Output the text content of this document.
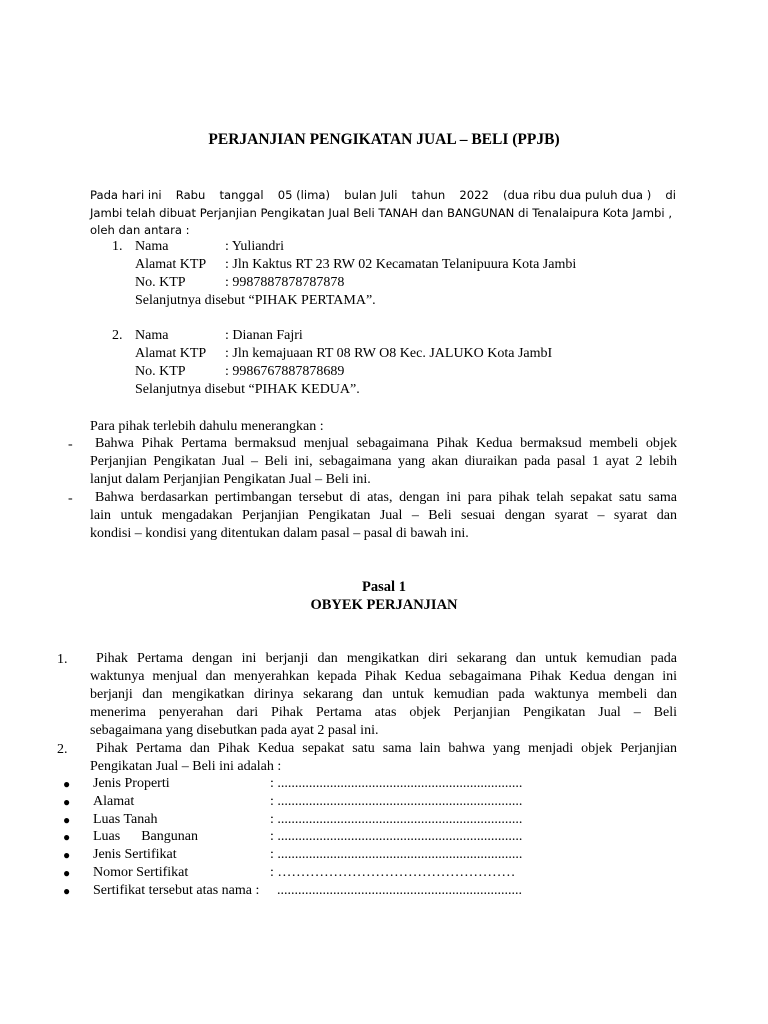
PERJANJIAN PENGIKATAN JUAL – BELI (PPJB)
Pada hari ini Rabu tanggal 05 (lima) bulan Juli tahun 2022 (dua ribu dua puluh dua ) di
Jambi telah dibuat Perjanjian Pengikatan Jual Beli TANAH dan BANGUNAN di Tenalaipura Kota Jambi ,
oleh dan antara :
1. Nama	: Yuliandri
Alamat KTP : Jln Kaktus RT 23 RW 02 Kecamatan Telanipuura Kota Jambi
No. KTP	: 9987887878787878
Selanjutnya disebut “PIHAK PERTAMA”.
2. Nama	: Dianan Fajri
Alamat KTP : Jln kemajuaan RT 08 RW O8 Kec. JALUKO Kota JambI
No. KTP	: 9986767887878689
Selanjutnya disebut “PIHAK KEDUA”.
Para pihak terlebih dahulu menerangkan :
-	Bahwa Pihak Pertama bermaksud menjual sebagaimana Pihak Kedua bermaksud membeli objek
Perjanjian Pengikatan Jual – Beli ini, sebagaimana yang akan diuraikan pada pasal 1 ayat 2 lebih
lanjut dalam Perjanjian Pengikatan Jual – Beli ini.
-	Bahwa berdasarkan pertimbangan tersebut di atas, dengan ini para pihak telah sepakat satu sama
lain untuk mengadakan Perjanjian Pengikatan Jual – Beli sesuai dengan syarat – syarat dan
kondisi – kondisi yang ditentukan dalam pasal – pasal di bawah ini.
Pasal 1
OBYEK PERJANJIAN
1.	Pihak Pertama dengan ini berjanji dan mengikatkan diri sekarang dan untuk kemudian pada
waktunya menjual dan menyerahkan kepada Pihak Kedua sebagaimana Pihak Kedua dengan ini
berjanji dan mengikatkan dirinya sekarang dan untuk kemudian pada waktunya membeli dan
menerima penyerahan dari Pihak Pertama atas objek Perjanjian Pengikatan Jual – Beli
sebagaimana yang disebutkan pada ayat 2 pasal ini.
2.	Pihak Pertama dan Pihak Kedua sepakat satu sama lain bahwa yang menjadi objek Perjanjian
Pengikatan Jual – Beli ini adalah :
● Jenis Properti	: ......................................................................
● Alamat	: ......................................................................
● Luas Tanah	: ......................................................................
● Luas      Bangunan	: ......................................................................
● Jenis Sertifikat	: ......................................................................
● Nomor Sertifikat	: ……………………………………………
● Sertifikat tersebut atas nama : ......................................................................
